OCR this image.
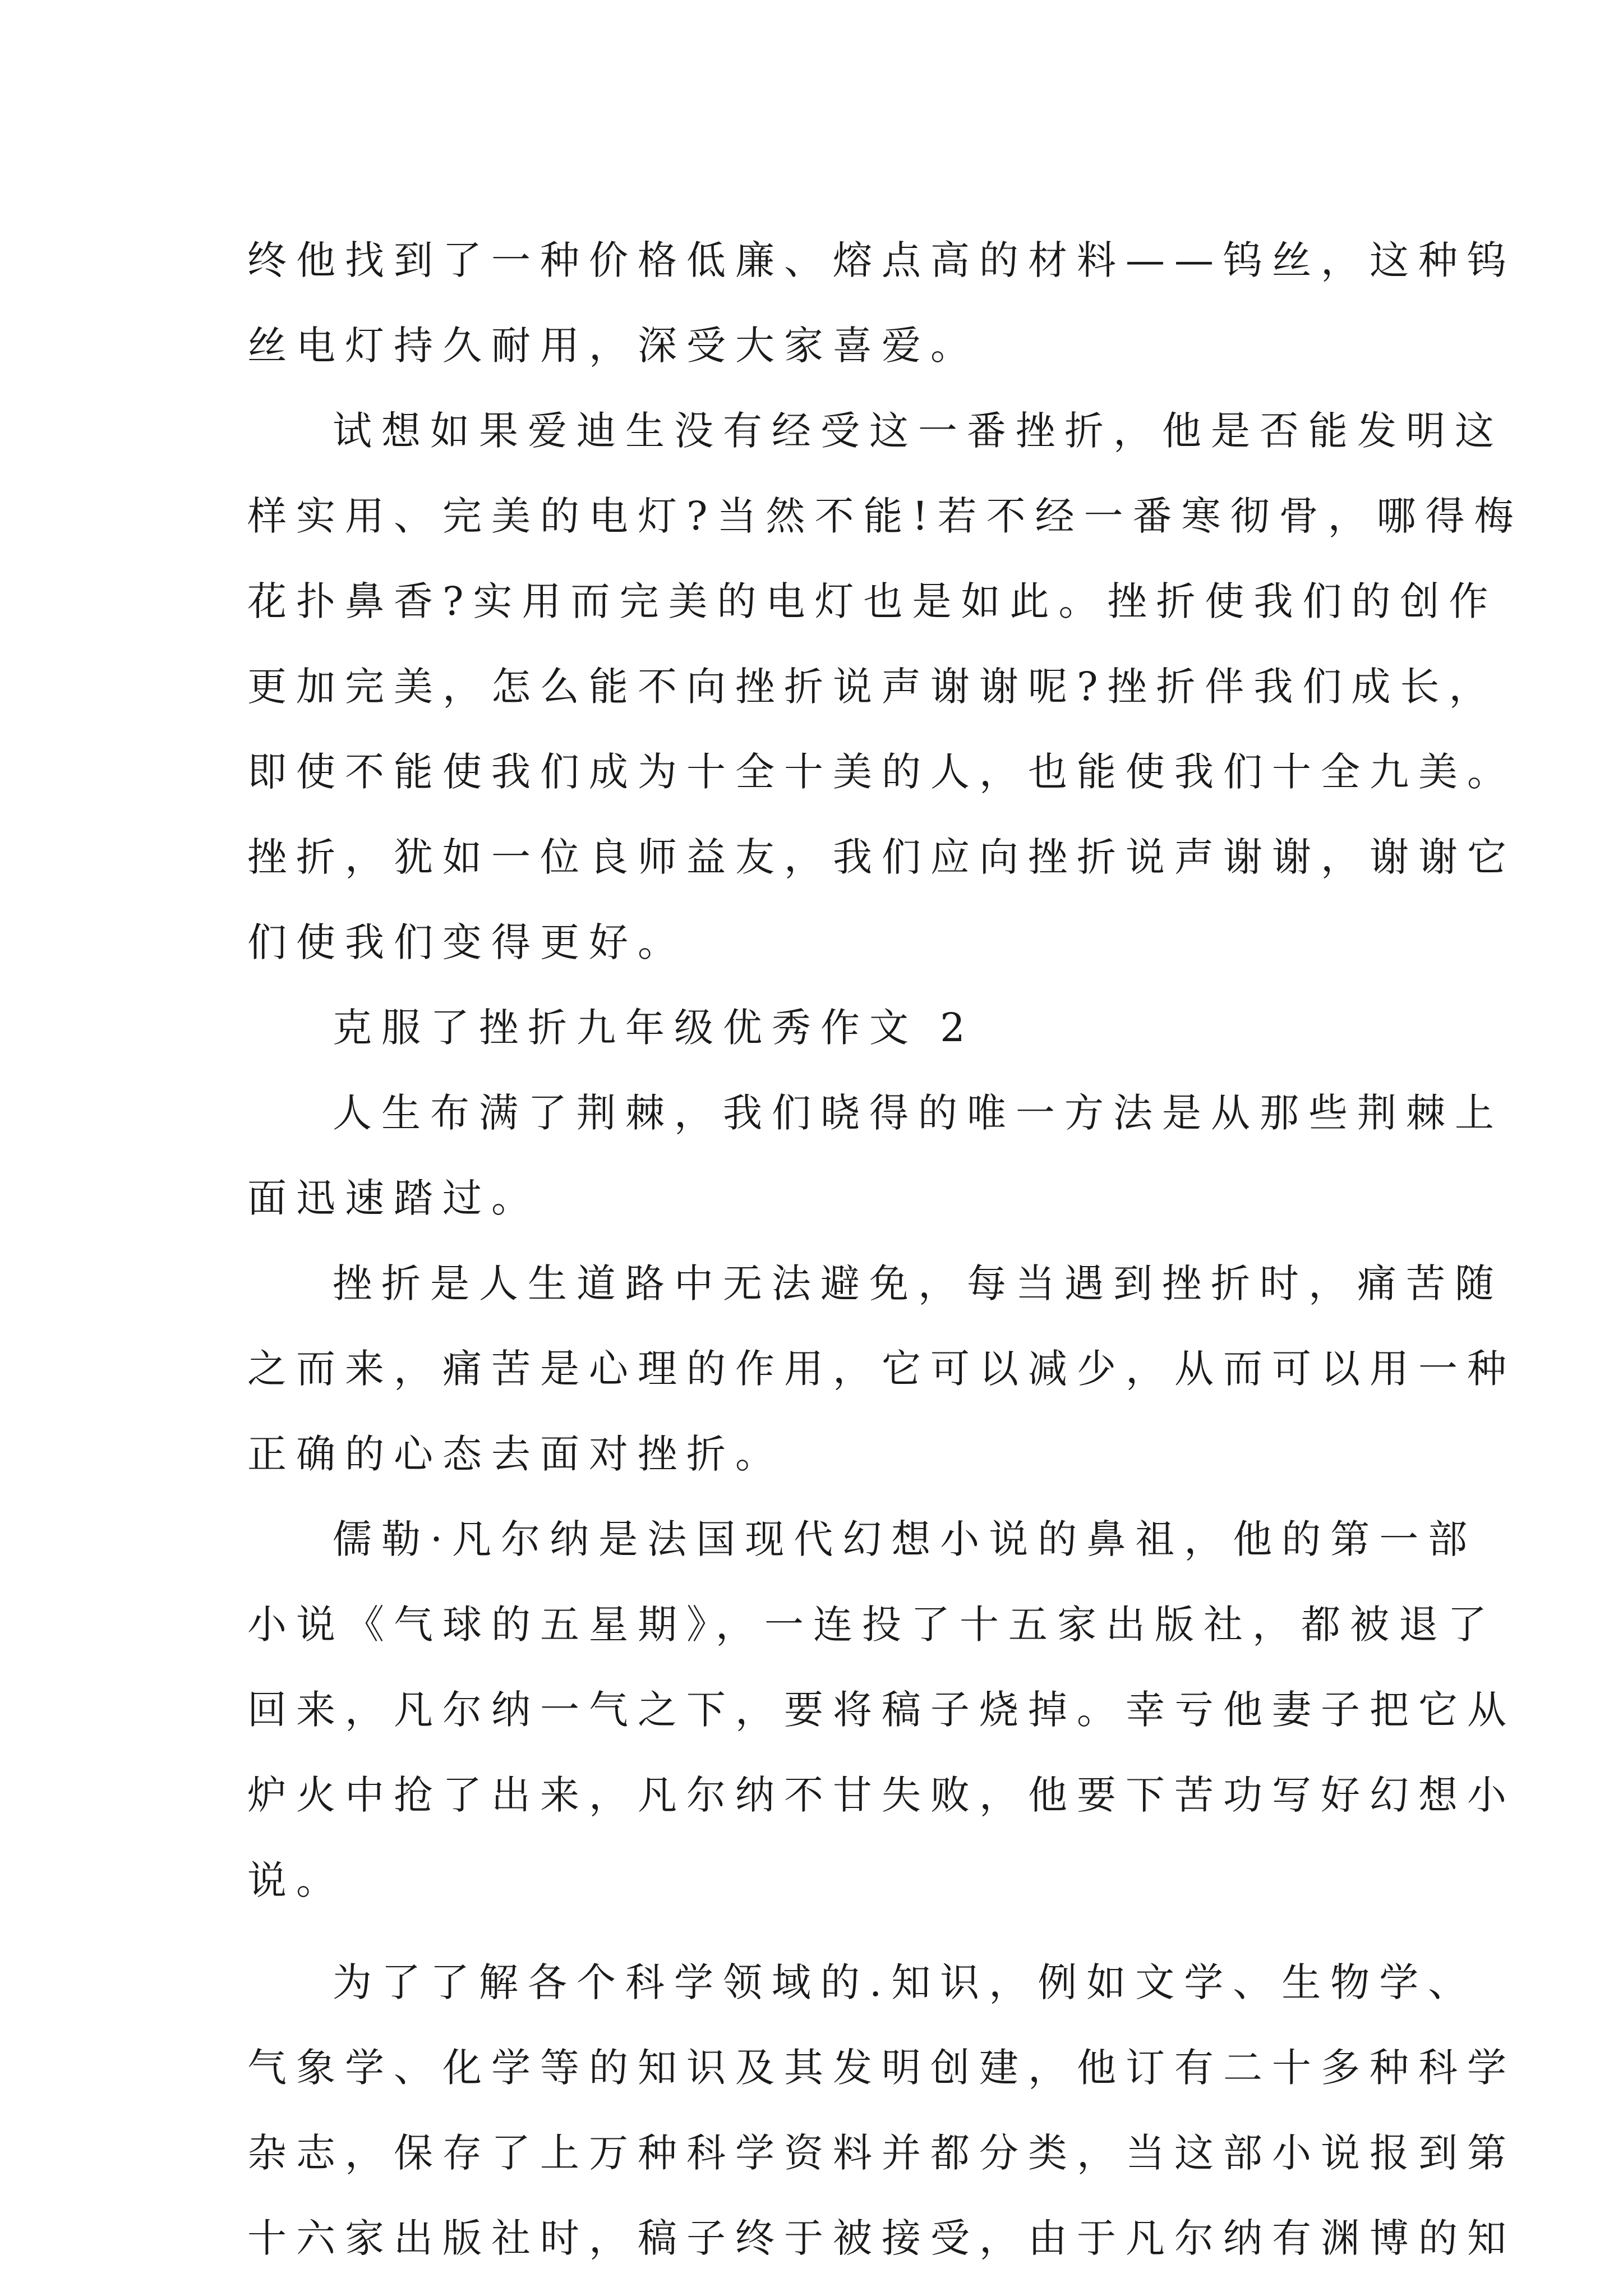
终他找到了一种价格低廉、熔点高的材料——钨丝，这种钨
丝电灯持久耐用，深受大家喜爱。
试想如果爱迪生没有经受这一番挫折，他是否能发明这
样实用、完美的电灯?当然不能!若不经一番寒彻骨，哪得梅
花扑鼻香?实用而完美的电灯也是如此。挫折使我们的创作
更加完美，怎么能不向挫折说声谢谢呢?挫折伴我们成长，
即使不能使我们成为十全十美的人，也能使我们十全九美。
挫折，犹如一位良师益友，我们应向挫折说声谢谢，谢谢它
们使我们变得更好。
克服了挫折九年级优秀作文 2
人生布满了荆棘，我们晓得的唯一方法是从那些荆棘上
面迅速踏过。
挫折是人生道路中无法避免，每当遇到挫折时，痛苦随
之而来，痛苦是心理的作用，它可以减少，从而可以用一种
正确的心态去面对挫折。
儒勒·凡尔纳是法国现代幻想小说的鼻祖，他的第一部
小说《气球的五星期》，一连投了十五家出版社，都被退了
回来，凡尔纳一气之下，要将稿子烧掉。幸亏他妻子把它从
炉火中抢了出来，凡尔纳不甘失败，他要下苦功写好幻想小
说。
为了了解各个科学领域的.知识，例如文学、生物学、
气象学、化学等的知识及其发明创建，他订有二十多种科学
杂志，保存了上万种科学资料并都分类，当这部小说报到第
十六家出版社时，稿子终于被接受，由于凡尔纳有渊博的知
